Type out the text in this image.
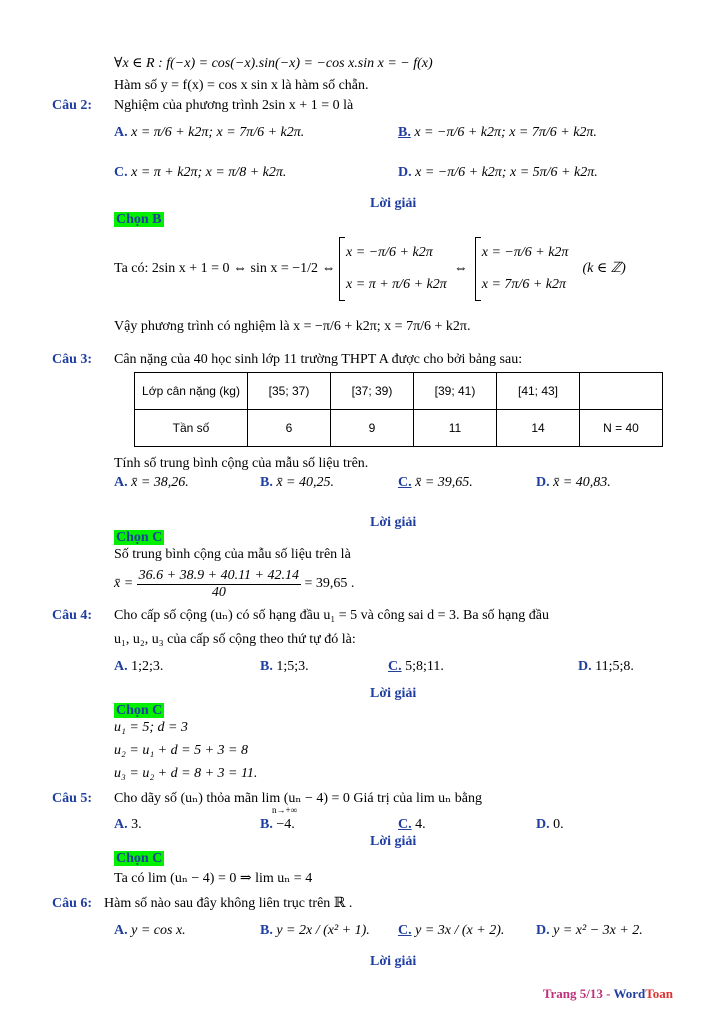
∀x ∈ R : f(−x) = cos(−x).sin(−x) = −cos x.sin x = − f(x)
Hàm số y = f(x) = cos x sin x là hàm số chẵn.
Câu 2: Nghiệm của phương trình 2sin x + 1 = 0 là
A. x = π/6 + k2π; x = 7π/6 + k2π.	B. x = −π/6 + k2π; x = 7π/6 + k2π.
C. x = π + k2π; x = π/8 + k2π.	D. x = −π/6 + k2π; x = 5π/6 + k2π.
Lời giải
Chọn B
Ta có: 2sin x + 1 = 0 ⇔ sin x = −1/2 ⇔

x = −π/6 + k2π
x = π + π/6 + k2π
⇔
x = −π/6 + k2π
x = 7π/6 + k2π

(k ∈ ℤ)
Vậy phương trình có nghiệm là x = −π/6 + k2π; x = 7π/6 + k2π.
Câu 3: Cân nặng của 40 học sinh lớp 11 trường THPT A được cho bởi bảng sau:
Lớp cân nặng (kg)	[35; 37)	[37; 39)	[39; 41)	[41; 43]	
Tần số	6	9	11	14	N = 40
Tính số trung bình cộng của mẫu số liệu trên.
A. x̄ = 38,26.	B. x̄ = 40,25.	C. x̄ = 39,65.	D. x̄ = 40,83.
Lời giải
Chọn C
Số trung bình cộng của mẫu số liệu trên là
x̄ =
$\frac{36.6 + 38.9 + 40.11 + 42.14}{40}$
= 39,65 .
Câu 4: Cho cấp số cộng (uₙ) có số hạng đầu u₁ = 5 và công sai d = 3. Ba số hạng đầu
u₁, u₂, u₃ của cấp số cộng theo thứ tự đó là:
A. 1;2;3.	B. 1;5;3.	C. 5;8;11.	D. 11;5;8.
Lời giải
Chọn C
u₁ = 5; d = 3
u₂ = u₁ + d = 5 + 3 = 8
u₃ = u₂ + d = 8 + 3 = 11.
Câu 5: Cho dãy số (uₙ) thỏa mãn lim (uₙ − 4) = 0 Giá trị của lim uₙ bằng
n→+∞
A. 3.	B. −4.	C. 4.	D. 0.
Lời giải
Chọn C
Ta có lim (uₙ − 4) = 0 ⇒ lim uₙ = 4
Câu 6: Hàm số nào sau đây không liên trục trên ℝ .
A. y = cos x.	B. y = 2x / (x² + 1). C. y = 3x / (x + 2). D. y = x² − 3x + 2.
Lời giải
Trang 5/13 - WordToan
